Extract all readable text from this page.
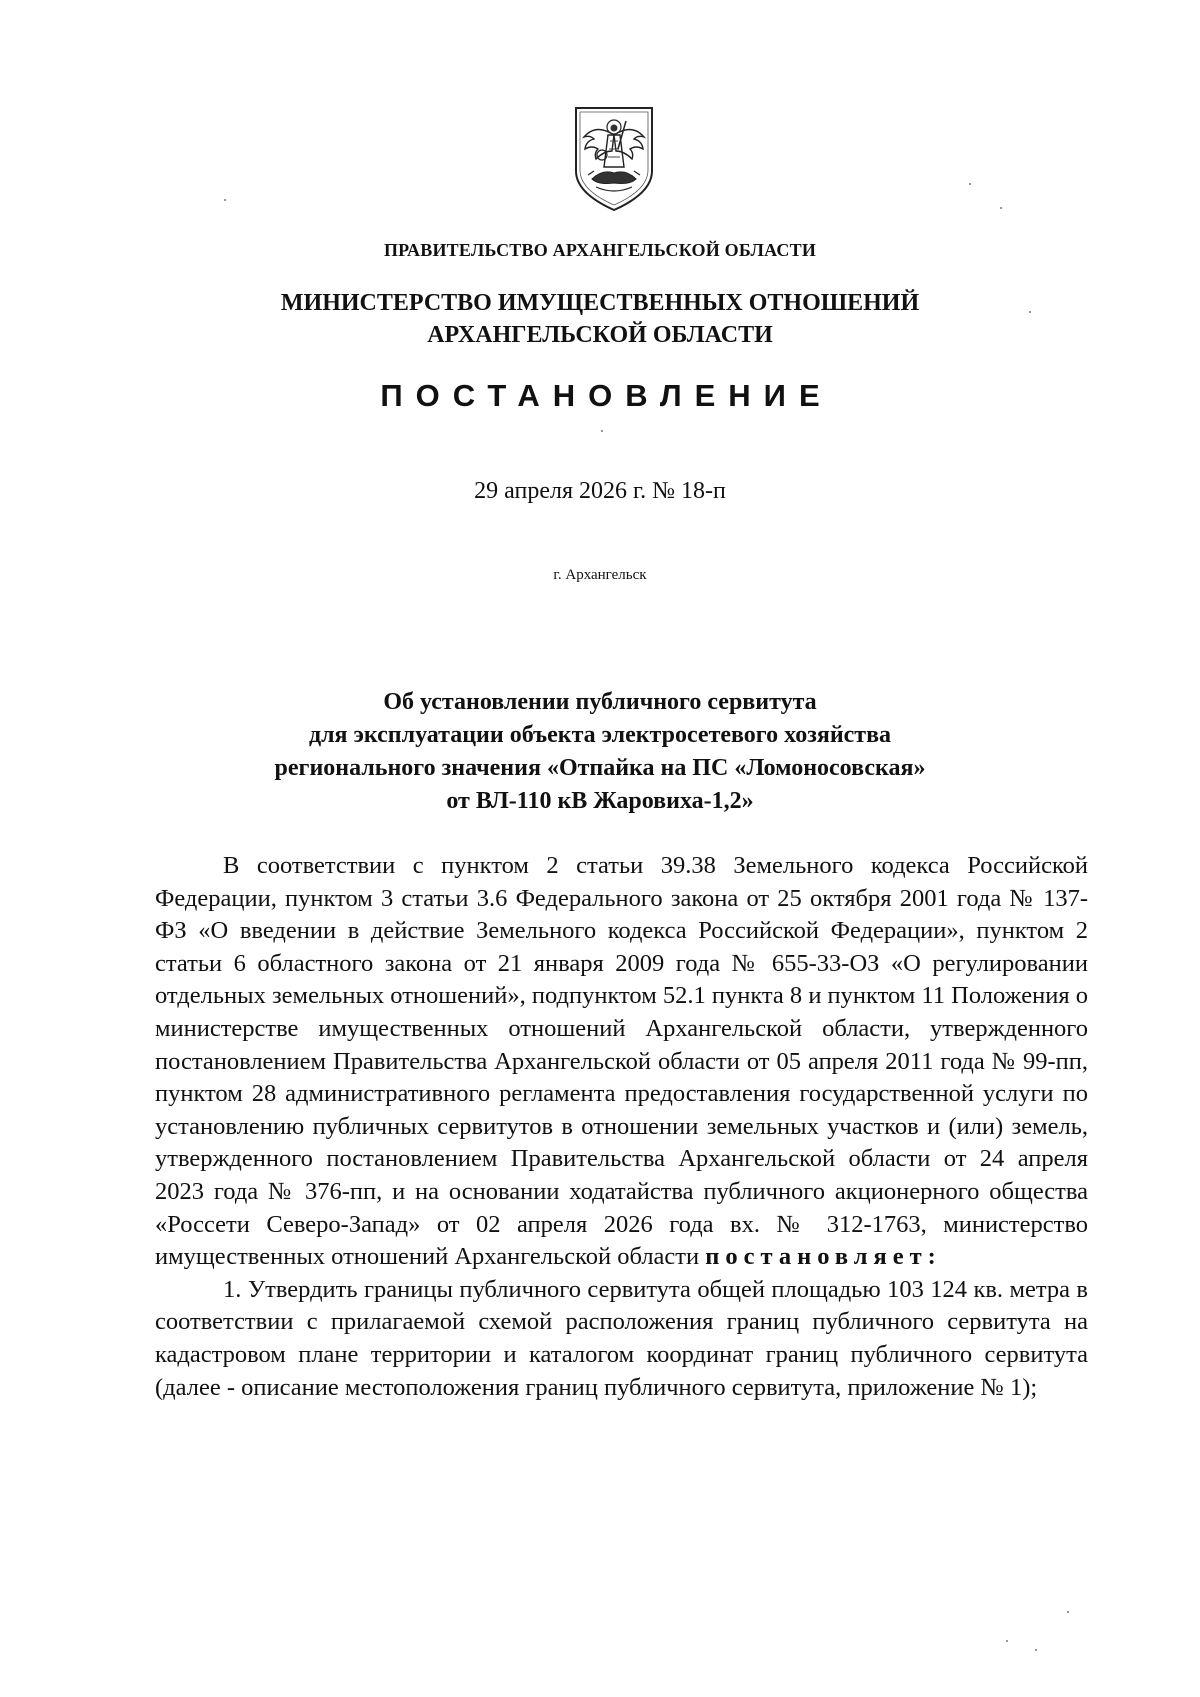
ПРАВИТЕЛЬСТВО АРХАНГЕЛЬСКОЙ ОБЛАСТИ
МИНИСТЕРСТВО ИМУЩЕСТВЕННЫХ ОТНОШЕНИЙ
АРХАНГЕЛЬСКОЙ ОБЛАСТИ
ПОСТАНОВЛЕНИЕ
29 апреля 2026 г. № 18-п
г. Архангельск
Об установлении публичного сервитута
для эксплуатации объекта электросетевого хозяйства
регионального значения «Отпайка на ПС «Ломоносовская»
от ВЛ-110 кВ Жаровиха-1,2»

В соответствии с пунктом 2 статьи 39.38 Земельного кодекса Российской Федерации, пунктом 3 статьи 3.6 Федерального закона от 25 октября 2001 года № 137-ФЗ «О введении в действие Земельного кодекса Российской Федерации», пунктом 2 статьи 6 областного закона от 21 января 2009 года № 655-33-ОЗ «О регулировании отдельных земельных отношений», подпунктом 52.1 пункта 8 и пунктом 11 Положения о министерстве имущественных отношений Архангельской области, утвержденного постановлением Правительства Архангельской области от 05 апреля 2011 года № 99-пп, пунктом 28 административного регламента предоставления государственной услуги по установлению публичных сервитутов в отношении земельных участков и (или) земель, утвержденного постановлением Правительства Архангельской области от 24 апреля 2023 года № 376-пп, и на основании ходатайства публичного акционерного общества «Россети Северо-Запад» от 02 апреля 2026 года вх. № 312-1763, министерство имущественных отношений Архангельской области постановляет:

1. Утвердить границы публичного сервитута общей площадью 103 124 кв. метра в соответствии с прилагаемой схемой расположения границ публичного сервитута на кадастровом плане территории и каталогом координат границ публичного сервитута (далее - описание местоположения границ публичного сервитута, приложение № 1);
